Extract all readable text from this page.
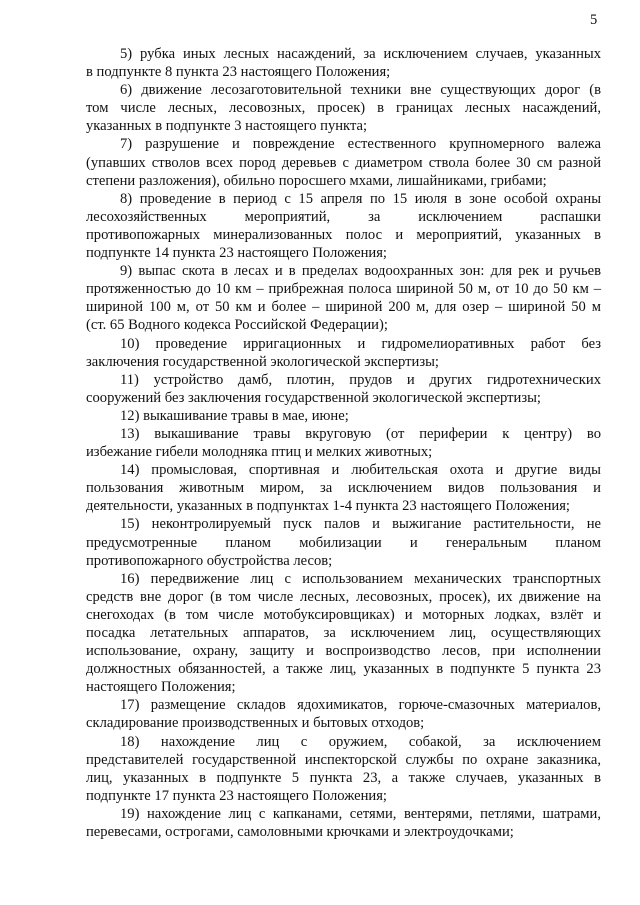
5

5) рубка иных лесных насаждений, за исключением случаев, указанных
в подпункте 8 пункта 23 настоящего Положения;

6) движение лесозаготовительной техники вне существующих дорог (в
том числе лесных, лесовозных, просек) в границах лесных насаждений,
указанных в подпункте 3 настоящего пункта;

7) разрушение и повреждение естественного крупномерного валежа
(упавших стволов всех пород деревьев с диаметром ствола более 30 см разной
степени разложения), обильно поросшего мхами, лишайниками, грибами;

8) проведение в период с 15 апреля по 15 июля в зоне особой охраны
лесохозяйственных мероприятий, за исключением распашки
противопожарных минерализованных полос и мероприятий, указанных в
подпункте 14 пункта 23 настоящего Положения;

9) выпас скота в лесах и в пределах водоохранных зон: для рек и ручьев
протяженностью до 10 км – прибрежная полоса шириной 50 м, от 10 до 50 км –
шириной 100 м, от 50 км и более – шириной 200 м, для озер – шириной 50 м
(ст. 65 Водного кодекса Российской Федерации);

10) проведение ирригационных и гидромелиоративных работ без
заключения государственной экологической экспертизы;

11) устройство дамб, плотин, прудов и других гидротехнических
сооружений без заключения государственной экологической экспертизы;

12) выкашивание травы в мае, июне;

13) выкашивание травы вкруговую (от периферии к центру) во
избежание гибели молодняка птиц и мелких животных;

14) промысловая, спортивная и любительская охота и другие виды
пользования животным миром, за исключением видов пользования и
деятельности, указанных в подпунктах 1-4 пункта 23 настоящего Положения;

15) неконтролируемый пуск палов и выжигание растительности, не
предусмотренные планом мобилизации и генеральным планом
противопожарного обустройства лесов;

16) передвижение лиц с использованием механических транспортных
средств вне дорог (в том числе лесных, лесовозных, просек), их движение на
снегоходах (в том числе мотобуксировщиках) и моторных лодках, взлёт и
посадка летательных аппаратов, за исключением лиц, осуществляющих
использование, охрану, защиту и воспроизводство лесов, при исполнении
должностных обязанностей, а также лиц, указанных в подпункте 5 пункта 23
настоящего Положения;

17) размещение складов ядохимикатов, горюче-смазочных материалов,
складирование производственных и бытовых отходов;

18) нахождение лиц с оружием, собакой, за исключением
представителей государственной инспекторской службы по охране заказника,
лиц, указанных в подпункте 5 пункта 23, а также случаев, указанных в
подпункте 17 пункта 23 настоящего Положения;

19) нахождение лиц с капканами, сетями, вентерями, петлями, шатрами,
перевесами, острогами, самоловными крючками и электроудочками;
